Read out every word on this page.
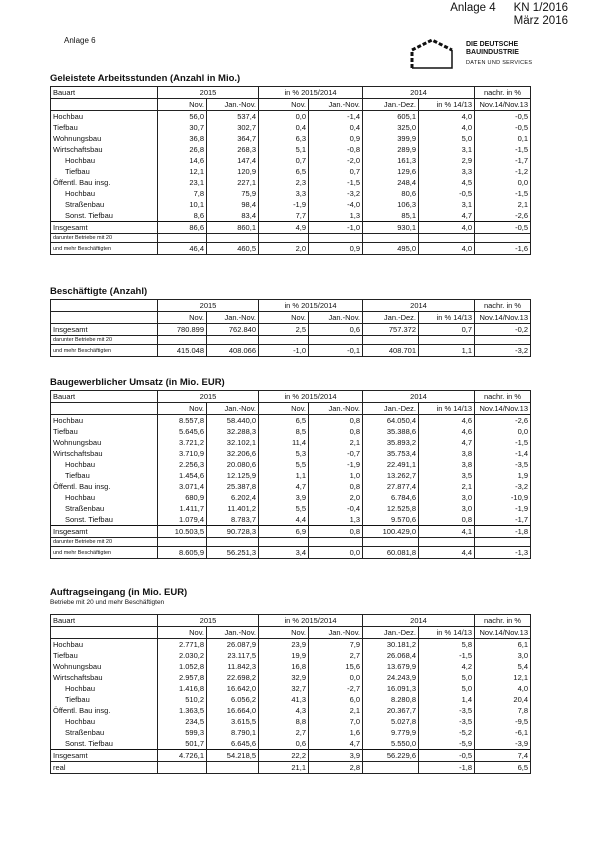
Anlage 4 KN 1/2016
März 2016
Anlage 6	DIE DEUTSCHE
BAUINDUSTRIE
DATEN UND SERVICES
Geleistete Arbeitsstunden (Anzahl in Mio.)
Bauart	2015		in % 2015/2014		2014		nachr. in %
	Nov.	Jan.-Nov.	Nov.	Jan.-Nov.	Jan.-Dez.	in % 14/13	Nov.14/Nov.13
Hochbau	56,0	537,4	0,0	-1,4	605,1	4,0	-0,5
Tiefbau	30,7	302,7	0,4	0,4	325,0	4,0	-0,5
Wohnungsbau	36,8	364,7	6,3	0,9	399,9	5,0	0,1
Wirtschaftsbau	26,8	268,3	5,1	-0,8	289,9	3,1	-1,5
Hochbau	14,6	147,4	0,7	-2,0	161,3	2,9	-1,7
Tiefbau	12,1	120,9	6,5	0,7	129,6	3,3	-1,2
Öffentl. Bau insg.	23,1	227,1	2,3	-1,5	248,4	4,5	0,0
Hochbau	7,8	75,9	3,3	-3,2	80,6	-0,5	-1,5
Straßenbau	10,1	98,4	-1,9	-4,0	106,3	3,1	2,1
Sonst. Tiefbau	8,6	83,4	7,7	1,3	85,1	4,7	-2,6
Insgesamt	86,6	860,1	4,9	-1,0	930,1	4,0	-0,5
darunter Betriebe mit 20							
und mehr Beschäftigten	46,4	460,5	2,0	0,9	495,0	4,0	-1,6
Beschäftigte (Anzahl)
	2015		in % 2015/2014		2014		nachr. in %
	Nov.	Jan.-Nov.	Nov.	Jan.-Nov.	Jan.-Dez.	in % 14/13	Nov.14/Nov.13
Insgesamt	780.899	762.840	2,5	0,6	757.372	0,7	-0,2
darunter Betriebe mit 20							
und mehr Beschäftigten	415.048	408.066	-1,0	-0,1	408.701	1,1	-3,2
Baugewerblicher Umsatz (in Mio. EUR)
Bauart	2015		in % 2015/2014		2014		nachr. in %
	Nov.	Jan.-Nov.	Nov.	Jan.-Nov.	Jan.-Dez.	in % 14/13	Nov.14/Nov.13
Hochbau	8.557,8	58.440,0	6,5	0,8	64.050,4	4,6	-2,6
Tiefbau	5.645,6	32.288,3	8,5	0,8	35.388,6	4,6	0,0
Wohnungsbau	3.721,2	32.102,1	11,4	2,1	35.893,2	4,7	-1,5
Wirtschaftsbau	3.710,9	32.206,6	5,3	-0,7	35.753,4	3,8	-1,4
Hochbau	2.256,3	20.080,6	5,5	-1,9	22.491,1	3,8	-3,5
Tiefbau	1.454,6	12.125,9	1,1	1,0	13.262,7	3,5	1,9
Öffentl. Bau insg.	3.071,4	25.387,8	4,7	0,8	27.877,4	2,1	-3,2
Hochbau	680,9	6.202,4	3,9	2,0	6.784,6	3,0	-10,9
Straßenbau	1.411,7	11.401,2	5,5	-0,4	12.525,8	3,0	-1,9
Sonst. Tiefbau	1.079,4	8.783,7	4,4	1,3	9.570,6	0,8	-1,7
Insgesamt	10.503,5	90.728,3	6,9	0,8	100.429,0	4,1	-1,8
darunter Betriebe mit 20							
und mehr Beschäftigten	8.605,9	56.251,3	3,4	0,0	60.081,8	4,4	-1,3
Auftragseingang (in Mio. EUR)
Betriebe mit 20 und mehr Beschäftigten
Bauart	2015		in % 2015/2014		2014		nachr. in %
	Nov.	Jan.-Nov.	Nov.	Jan.-Nov.	Jan.-Dez.	in % 14/13	Nov.14/Nov.13
Hochbau	2.771,8	26.087,9	23,9	7,9	30.181,2	5,8	6,1
Tiefbau	2.030,2	23.117,5	19,9	2,7	26.068,4	-1,5	3,0
Wohnungsbau	1.052,8	11.842,3	16,8	15,6	13.679,9	4,2	5,4
Wirtschaftsbau	2.957,8	22.698,2	32,9	0,0	24.243,9	5,0	12,1
Hochbau	1.416,8	16.642,0	32,7	-2,7	16.091,3	5,0	4,0
Tiefbau	510,2	6.056,2	41,3	6,0	8.280,8	1,4	20,4
Öffentl. Bau insg.	1.363,5	16.664,0	4,3	2,1	20.367,7	-3,5	7,8
Hochbau	234,5	3.615,5	8,8	7,0	5.027,8	-3,5	-9,5
Straßenbau	599,3	8.790,1	2,7	1,6	9.779,9	-5,2	-6,1
Sonst. Tiefbau	501,7	6.645,6	0,6	4,7	5.550,0	-5,9	-3,9
Insgesamt	4.726,1	54.218,5	22,2	3,9	56.229,6	-0,5	7,4
real			21,1	2,8		-1,8	6,5
